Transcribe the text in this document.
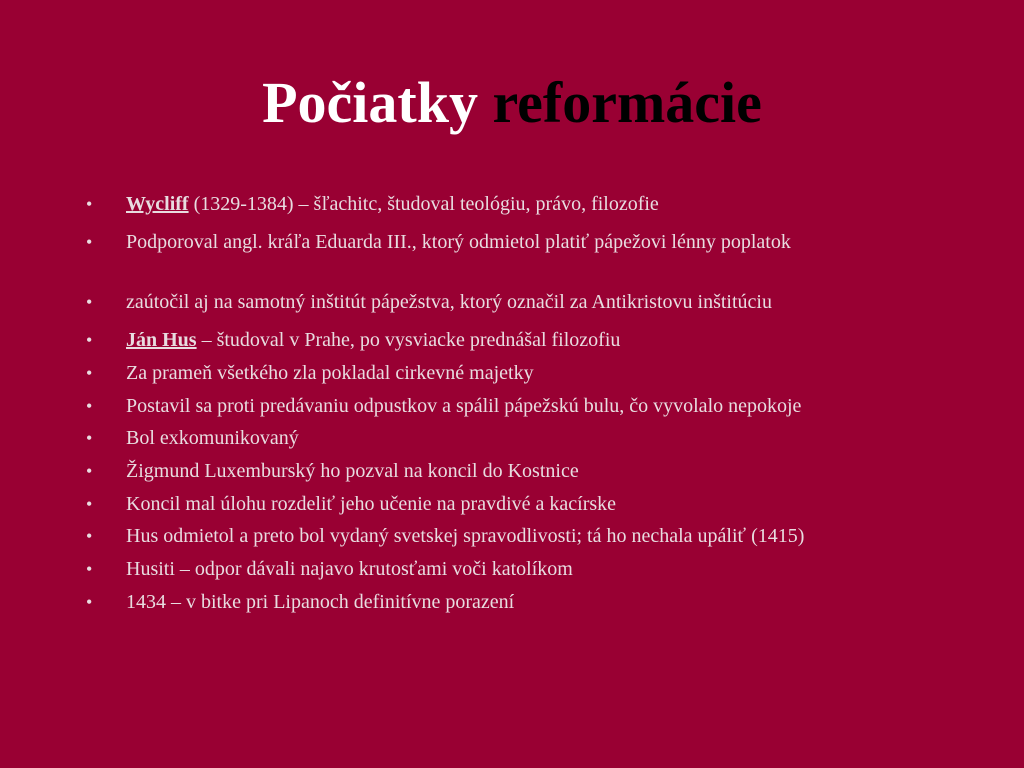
Počiatky reformácie
• Wycliff (1329-1384) – šľachitc, študoval teológiu, právo, filozofie
• Podporoval angl. kráľa Eduarda III., ktorý odmietol platiť pápežovi lénny poplatok
• zaútočil aj na samotný inštitút pápežstva, ktorý označil za Antikristovu inštitúciu
• Ján Hus – študoval v Prahe, po vysviacke prednášal filozofiu
• Za prameň všetkého zla pokladal cirkevné majetky
• Postavil sa proti predávaniu odpustkov a spálil pápežskú bulu, čo vyvolalo nepokoje
• Bol exkomunikovaný
• Žigmund Luxemburský ho pozval na koncil do Kostnice
• Koncil mal úlohu rozdeliť jeho učenie na pravdivé a kacírske
• Hus odmietol a preto bol vydaný svetskej spravodlivosti; tá ho nechala upáliť (1415)
• Husiti – odpor dávali najavo krutosťami voči katolíkom
• 1434 – v bitke pri Lipanoch definitívne porazení
